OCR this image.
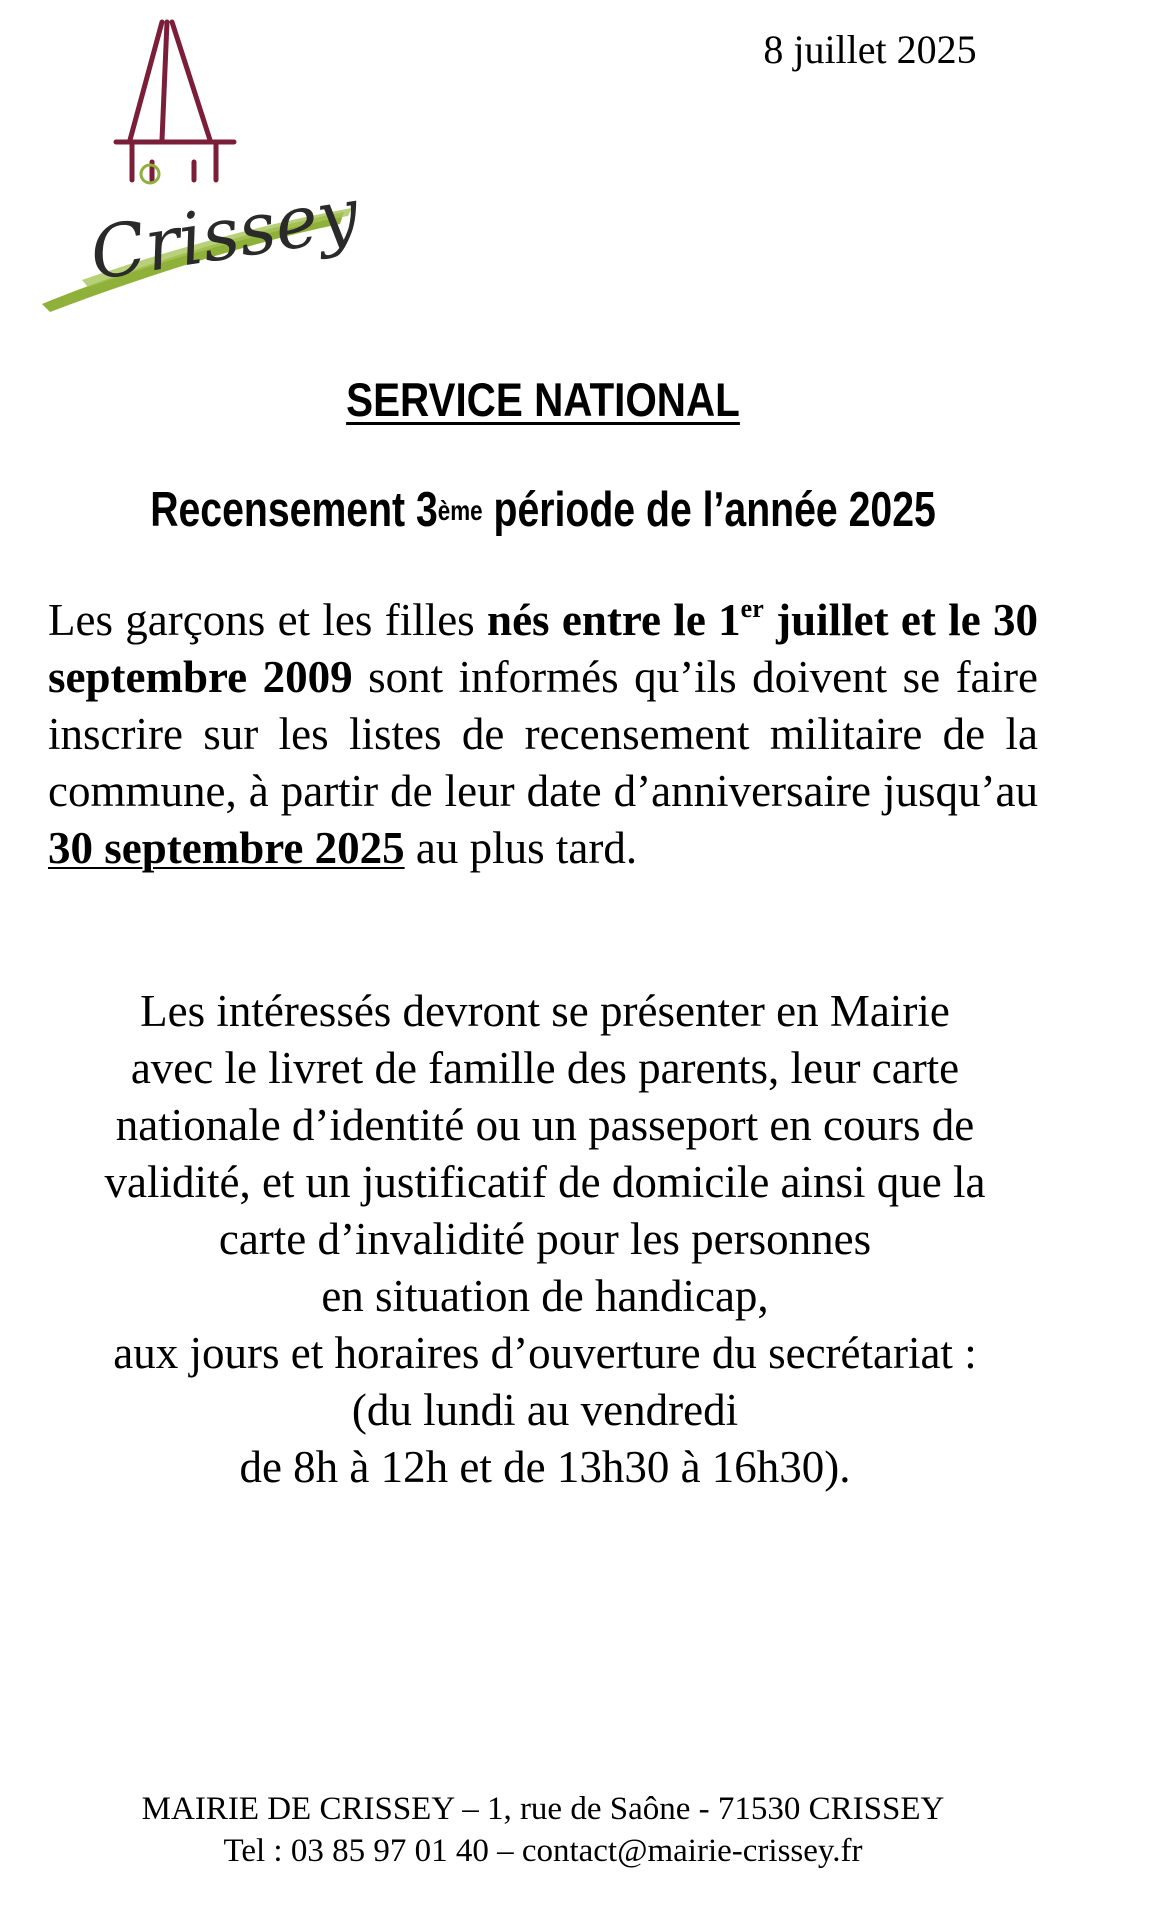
Crissey
8 juillet 2025
SERVICE NATIONAL
Recensement 3ème période de l’année 2025
Les garçons et les filles nés entre le 1er juillet et le 30 septembre 2009 sont informés qu’ils doivent se faire inscrire sur les listes de recensement militaire de la commune, à partir de leur date d’anniversaire jusqu’au 30 septembre 2025 au plus tard.
Les intéressés devront se présenter en Mairie
avec le livret de famille des parents, leur carte
nationale d’identité ou un passeport en cours de
validité, et un justificatif de domicile ainsi que la
carte d’invalidité pour les personnes
en situation de handicap,
aux jours et horaires d’ouverture du secrétariat :
(du lundi au vendredi
de 8h à 12h et de 13h30 à 16h30).
MAIRIE DE CRISSEY – 1, rue de Saône - 71530 CRISSEY
Tel : 03 85 97 01 40 – contact@mairie-crissey.fr
